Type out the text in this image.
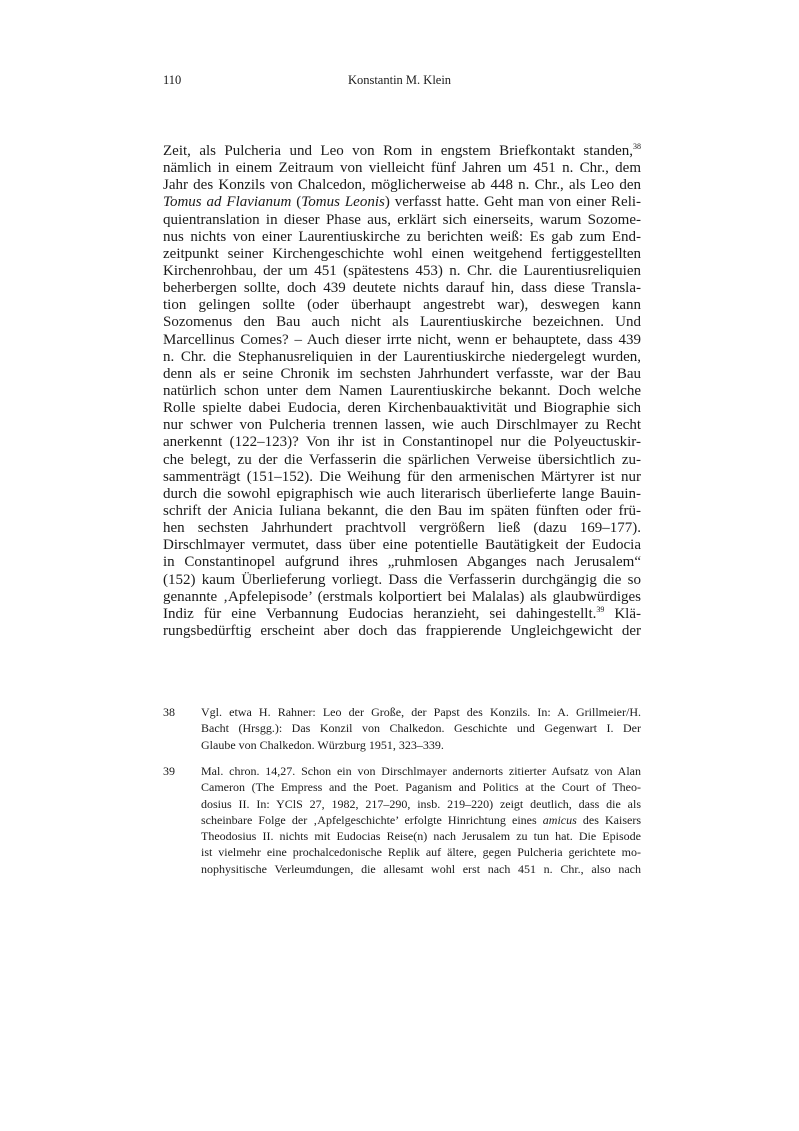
110	Konstantin M. Klein
Zeit, als Pulcheria und Leo von Rom in engstem Briefkontakt standen,$^{38}$
nämlich in einem Zeitraum von vielleicht fünf Jahren um 451 n. Chr., dem
Jahr des Konzils von Chalcedon, möglicherweise ab 448 n. Chr., als Leo den
Tomus ad Flavianum (Tomus Leonis) verfasst hatte. Geht man von einer Reli-
quientranslation in dieser Phase aus, erklärt sich einerseits, warum Sozome-
nus nichts von einer Laurentiuskirche zu berichten weiß: Es gab zum End-
zeitpunkt seiner Kirchengeschichte wohl einen weitgehend fertiggestellten
Kirchenrohbau, der um 451 (spätestens 453) n. Chr. die Laurentiusreliquien
beherbergen sollte, doch 439 deutete nichts darauf hin, dass diese Transla-
tion gelingen sollte (oder überhaupt angestrebt war), deswegen kann
Sozomenus den Bau auch nicht als Laurentiuskirche bezeichnen. Und
Marcellinus Comes? – Auch dieser irrte nicht, wenn er behauptete, dass 439
n. Chr. die Stephanusreliquien in der Laurentiuskirche niedergelegt wurden,
denn als er seine Chronik im sechsten Jahrhundert verfasste, war der Bau
natürlich schon unter dem Namen Laurentiuskirche bekannt. Doch welche
Rolle spielte dabei Eudocia, deren Kirchenbauaktivität und Biographie sich
nur schwer von Pulcheria trennen lassen, wie auch Dirschlmayer zu Recht
anerkennt (122–123)? Von ihr ist in Constantinopel nur die Polyeuctuskir-
che belegt, zu der die Verfasserin die spärlichen Verweise übersichtlich zu-
sammenträgt (151–152). Die Weihung für den armenischen Märtyrer ist nur
durch die sowohl epigraphisch wie auch literarisch überlieferte lange Bauin-
schrift der Anicia Iuliana bekannt, die den Bau im späten fünften oder frü-
hen sechsten Jahrhundert prachtvoll vergrößern ließ (dazu 169–177).
Dirschlmayer vermutet, dass über eine potentielle Bautätigkeit der Eudocia
in Constantinopel aufgrund ihres „ruhmlosen Abganges nach Jerusalem“
(152) kaum Überlieferung vorliegt. Dass die Verfasserin durchgängig die so
genannte ‚Apfelepisode’ (erstmals kolportiert bei Malalas) als glaubwürdiges
Indiz für eine Verbannung Eudocias heranzieht, sei dahingestellt.$^{39}$ Klä-
rungsbedürftig erscheint aber doch das frappierende Ungleichgewicht der
38 Vgl. etwa H. Rahner: Leo der Große, der Papst des Konzils. In: A. Grillmeier/H.
Bacht (Hrsgg.): Das Konzil von Chalkedon. Geschichte und Gegenwart I. Der
Glaube von Chalkedon. Würzburg 1951, 323–339.
39 Mal. chron. 14,27. Schon ein von Dirschlmayer andernorts zitierter Aufsatz von Alan
Cameron (The Empress and the Poet. Paganism and Politics at the Court of Theo-
dosius II. In: YClS 27, 1982, 217–290, insb. 219–220) zeigt deutlich, dass die als
scheinbare Folge der ‚Apfelgeschichte’ erfolgte Hinrichtung eines amicus des Kaisers
Theodosius II. nichts mit Eudocias Reise(n) nach Jerusalem zu tun hat. Die Episode
ist vielmehr eine prochalcedonische Replik auf ältere, gegen Pulcheria gerichtete mo-
nophysitische Verleumdungen, die allesamt wohl erst nach 451 n. Chr., also nach
